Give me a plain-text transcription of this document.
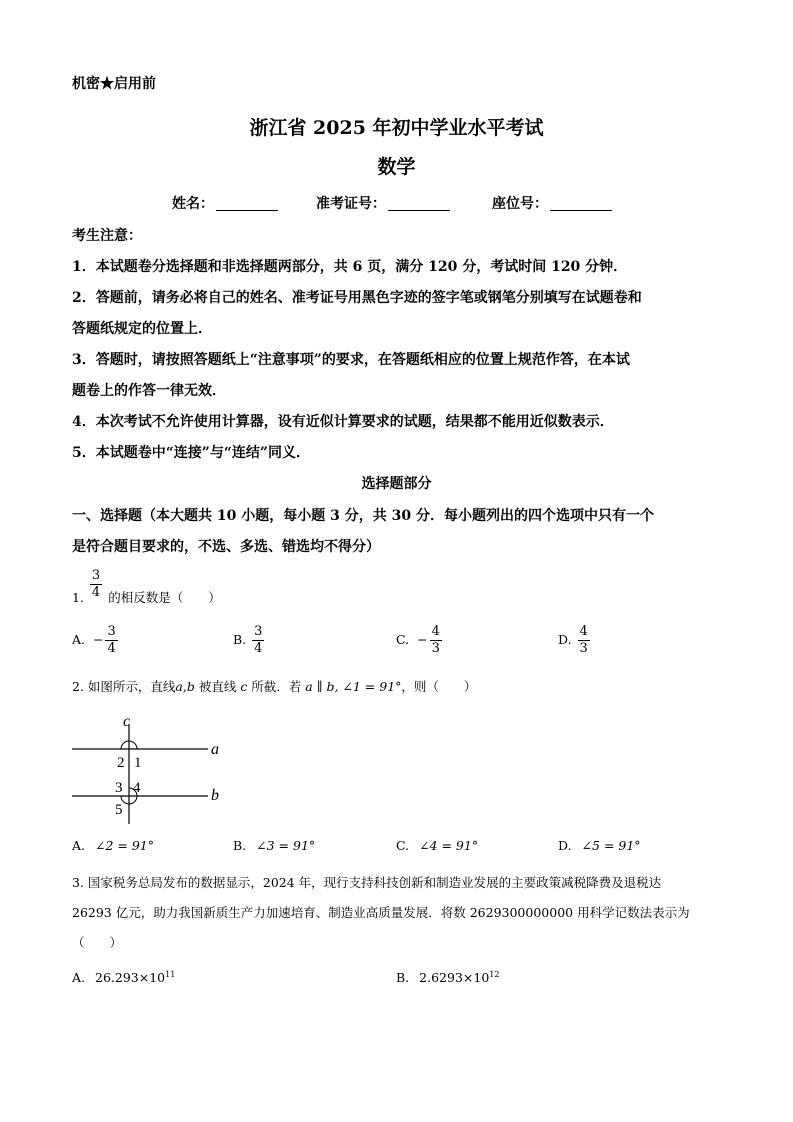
机密★启用前
浙江省 2025 年初中学业水平考试
数学
姓名：	准考证号：	座位号：
考生注意：
1．本试题卷分选择题和非选择题两部分，共 6 页，满分 120 分，考试时间 120 分钟．
2．答题前，请务必将自己的姓名、准考证号用黑色字迹的签字笔或钢笔分别填写在试题卷和
答题纸规定的位置上．
3．答题时，请按照答题纸上“注意事项”的要求，在答题纸相应的位置上规范作答，在本试
题卷上的作答一律无效．
4．本次考试不允许使用计算器，设有近似计算要求的试题，结果都不能用近似数表示．
5．本试题卷中“连接”与“连结”同义．
选择题部分
一、选择题（本大题共 10 小题，每小题 3 分，共 30 分．每小题列出的四个选项中只有一个
是符合题目要求的，不选、多选、错选均不得分）
1. $\frac{3}{4}$ 的相反数是（　　）
A. − $\frac{3}{4}$	B. $\frac{3}{4}$	C. − $\frac{4}{3}$	D. $\frac{4}{3}$
2. 如图所示，直线a,b 被直线 c 所截．若 a ∥ b, ∠1 = 91°，则（　　）
c
a
b
2 1
3 4
5
A. ∠2 = 91°	B. ∠3 = 91°	C. ∠4 = 91°	D. ∠5 = 91°
3. 国家税务总局发布的数据显示，2024 年，现行支持科技创新和制造业发展的主要政策减税降费及退税达
26293 亿元，助力我国新质生产力加速培育、制造业高质量发展．将数 2629300000000 用科学记数法表示为
（　　）
A. $26.293\times 10^{11}$	B. $2.6293\times 10^{12}$
